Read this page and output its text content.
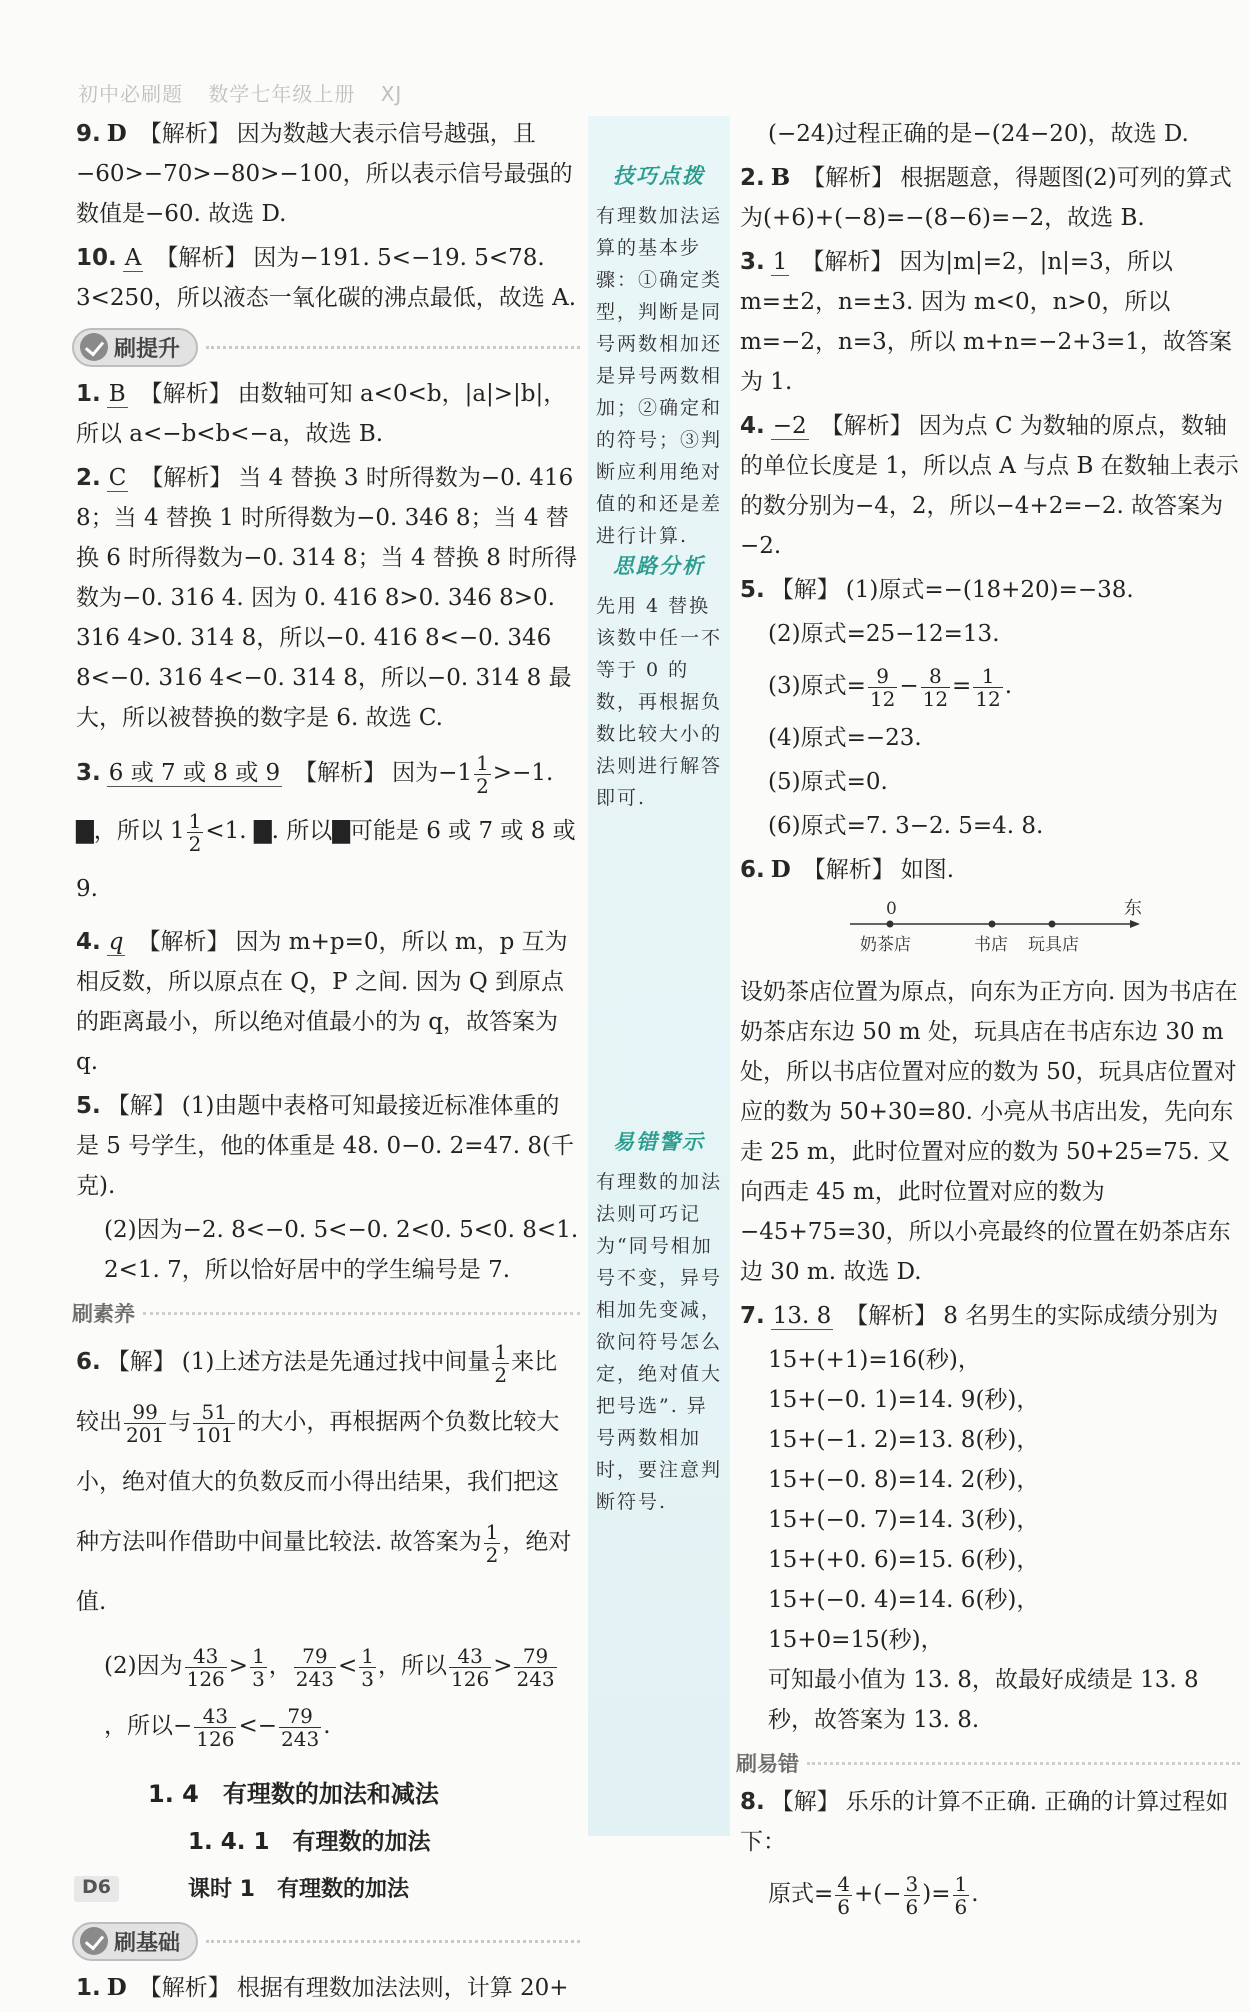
初中必刷题 数学七年级上册 XJ

9. D 【解析】 因为数越大表示信号越强，且−60>−70>−80>−100，所以表示信号最强的数值是−60. 故选 D.

10. A 【解析】 因为−191. 5<−19. 5<78. 3<250，所以液态一氧化碳的沸点最低，故选 A.

刷提升

1. B 【解析】 由数轴可知 a<0<b，|a|>|b|，所以 a<−b<b<−a，故选 B.

2. C 【解析】 当 4 替换 3 时所得数为−0. 416 8；当 4 替换 1 时所得数为−0. 346 8；当 4 替换 6 时所得数为−0. 314 8；当 4 替换 8 时所得数为−0. 316 4. 因为 0. 416 8>0. 346 8>0. 316 4>0. 314 8，所以−0. 416 8<−0. 346 8<−0. 316 4<−0. 314 8，所以−0. 314 8 最大，所以被替换的数字是 6. 故选 C.

3. 6 或 7 或 8 或 9 【解析】 因为$-1 \frac{1}{2} >-1$. ▇，所以 $1 \frac{1}{2} <1$. ▇. 所以▇可能是 6 或 7 或 8 或 9.

4. q 【解析】 因为 m+p=0，所以 m，p 互为相反数，所以原点在 Q，P 之间. 因为 Q 到原点的距离最小，所以绝对值最小的为 q，故答案为 q.

5. 【解】 (1)由题中表格可知最接近标准体重的是 5 号学生，他的体重是 48. 0−0. 2=47. 8(千克).

(2)因为−2. 8<−0. 5<−0. 2<0. 5<0. 8<1. 2<1. 7，所以恰好居中的学生编号是 7.

刷素养

6. 【解】 (1)上述方法是先通过找中间量 $\frac{1}{2}$ 来比较出 $\frac{99}{201}$ 与 $\frac{51}{101}$ 的大小，再根据两个负数比较大小，绝对值大的负数反而小得出结果，我们把这种方法叫作借助中间量比较法. 故答案为 $\frac{1}{2}$ ，绝对值.

(2)因为 $\frac{43}{126} > \frac{1}{3}$ ， $\frac{79}{243} < \frac{1}{3}$ ，所以 $\frac{43}{126} > \frac{79}{243}$
，所以− $\frac{43}{126} <- \frac{79}{243}$ .

1. 4　有理数的加法和减法
1. 4. 1　有理数的加法
课时 1　有理数的加法
刷基础

1. D 【解析】 根据有理数加法法则，计算 20+

技巧点拨
有理数加法运算的基本步骤：①确定类型，判断是同号两数相加还是异号两数相加；②确定和的符号；③判断应利用绝对值的和还是差进行计算.
思路分析
先用 4 替换该数中任一不等于 0 的数，再根据负数比较大小的法则进行解答即可.
易错警示
有理数的加法法则可巧记为“同号相加号不变，异号相加先变减，欲问符号怎么定，绝对值大把号选”. 异号两数相加时，要注意判断符号.

(−24)过程正确的是−(24−20)，故选 D.

2. B 【解析】 根据题意，得题图(2)可列的算式为(+6)+(−8)=−(8−6)=−2，故选 B.

3. 1 【解析】 因为|m|=2，|n|=3，所以 m=±2，n=±3. 因为 m<0，n>0，所以 m=−2，n=3，所以 m+n=−2+3=1，故答案为 1.

4. −2 【解析】 因为点 C 为数轴的原点，数轴的单位长度是 1，所以点 A 与点 B 在数轴上表示的数分别为−4，2，所以−4+2=−2. 故答案为−2.

5. 【解】 (1)原式=−(18+20)=−38.

(2)原式=25−12=13.

(3)原式= $\frac{9}{12} - \frac{8}{12} = \frac{1}{12}$ .

(4)原式=−23.

(5)原式=0.

(6)原式=7. 3−2. 5=4. 8.

6. D 【解析】 如图.

0	东
奶茶店	书店 玩具店

设奶茶店位置为原点，向东为正方向. 因为书店在奶茶店东边 50 m 处，玩具店在书店东边 30 m 处，所以书店位置对应的数为 50，玩具店位置对应的数为 50+30=80. 小亮从书店出发，先向东走 25 m，此时位置对应的数为 50+25=75. 又向西走 45 m，此时位置对应的数为−45+75=30，所以小亮最终的位置在奶茶店东边 30 m. 故选 D.

7. 13. 8 【解析】 8 名男生的实际成绩分别为

15+(+1)=16(秒)，

15+(−0. 1)=14. 9(秒)，

15+(−1. 2)=13. 8(秒)，

15+(−0. 8)=14. 2(秒)，

15+(−0. 7)=14. 3(秒)，

15+(+0. 6)=15. 6(秒)，

15+(−0. 4)=14. 6(秒)，

15+0=15(秒)，

可知最小值为 13. 8，故最好成绩是 13. 8 秒，故答案为 13. 8.

刷易错

8. 【解】 乐乐的计算不正确. 正确的计算过程如下：

原式= $\frac{4}{6}$ +(− $\frac{3}{6}$ )= $\frac{1}{6}$ .

D6
